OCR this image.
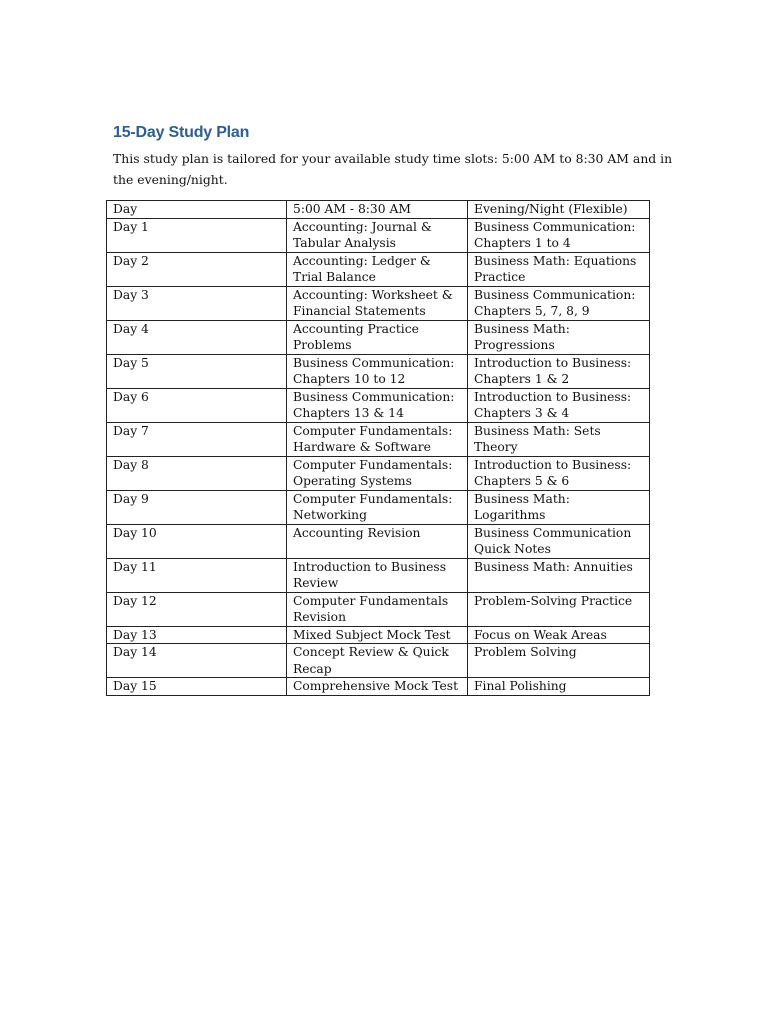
15-Day Study Plan

This study plan is tailored for your available study time slots: 5:00 AM to 8:30 AM and in the evening/night.

Day	5:00 AM - 8:30 AM	Evening/Night (Flexible)
Day 1	Accounting: Journal & Tabular Analysis	Business Communication: Chapters 1 to 4
Day 2	Accounting: Ledger & Trial Balance	Business Math: Equations Practice
Day 3	Accounting: Worksheet & Financial Statements	Business Communication: Chapters 5, 7, 8, 9
Day 4	Accounting Practice Problems	Business Math: Progressions
Day 5	Business Communication: Chapters 10 to 12	Introduction to Business: Chapters 1 & 2
Day 6	Business Communication: Chapters 13 & 14	Introduction to Business: Chapters 3 & 4
Day 7	Computer Fundamentals: Hardware & Software	Business Math: Sets Theory
Day 8	Computer Fundamentals: Operating Systems	Introduction to Business: Chapters 5 & 6
Day 9	Computer Fundamentals: Networking	Business Math: Logarithms
Day 10	Accounting Revision	Business Communication Quick Notes
Day 11	Introduction to Business Review	Business Math: Annuities
Day 12	Computer Fundamentals Revision	Problem-Solving Practice
Day 13	Mixed Subject Mock Test	Focus on Weak Areas
Day 14	Concept Review & Quick Recap	Problem Solving
Day 15	Comprehensive Mock Test	Final Polishing
